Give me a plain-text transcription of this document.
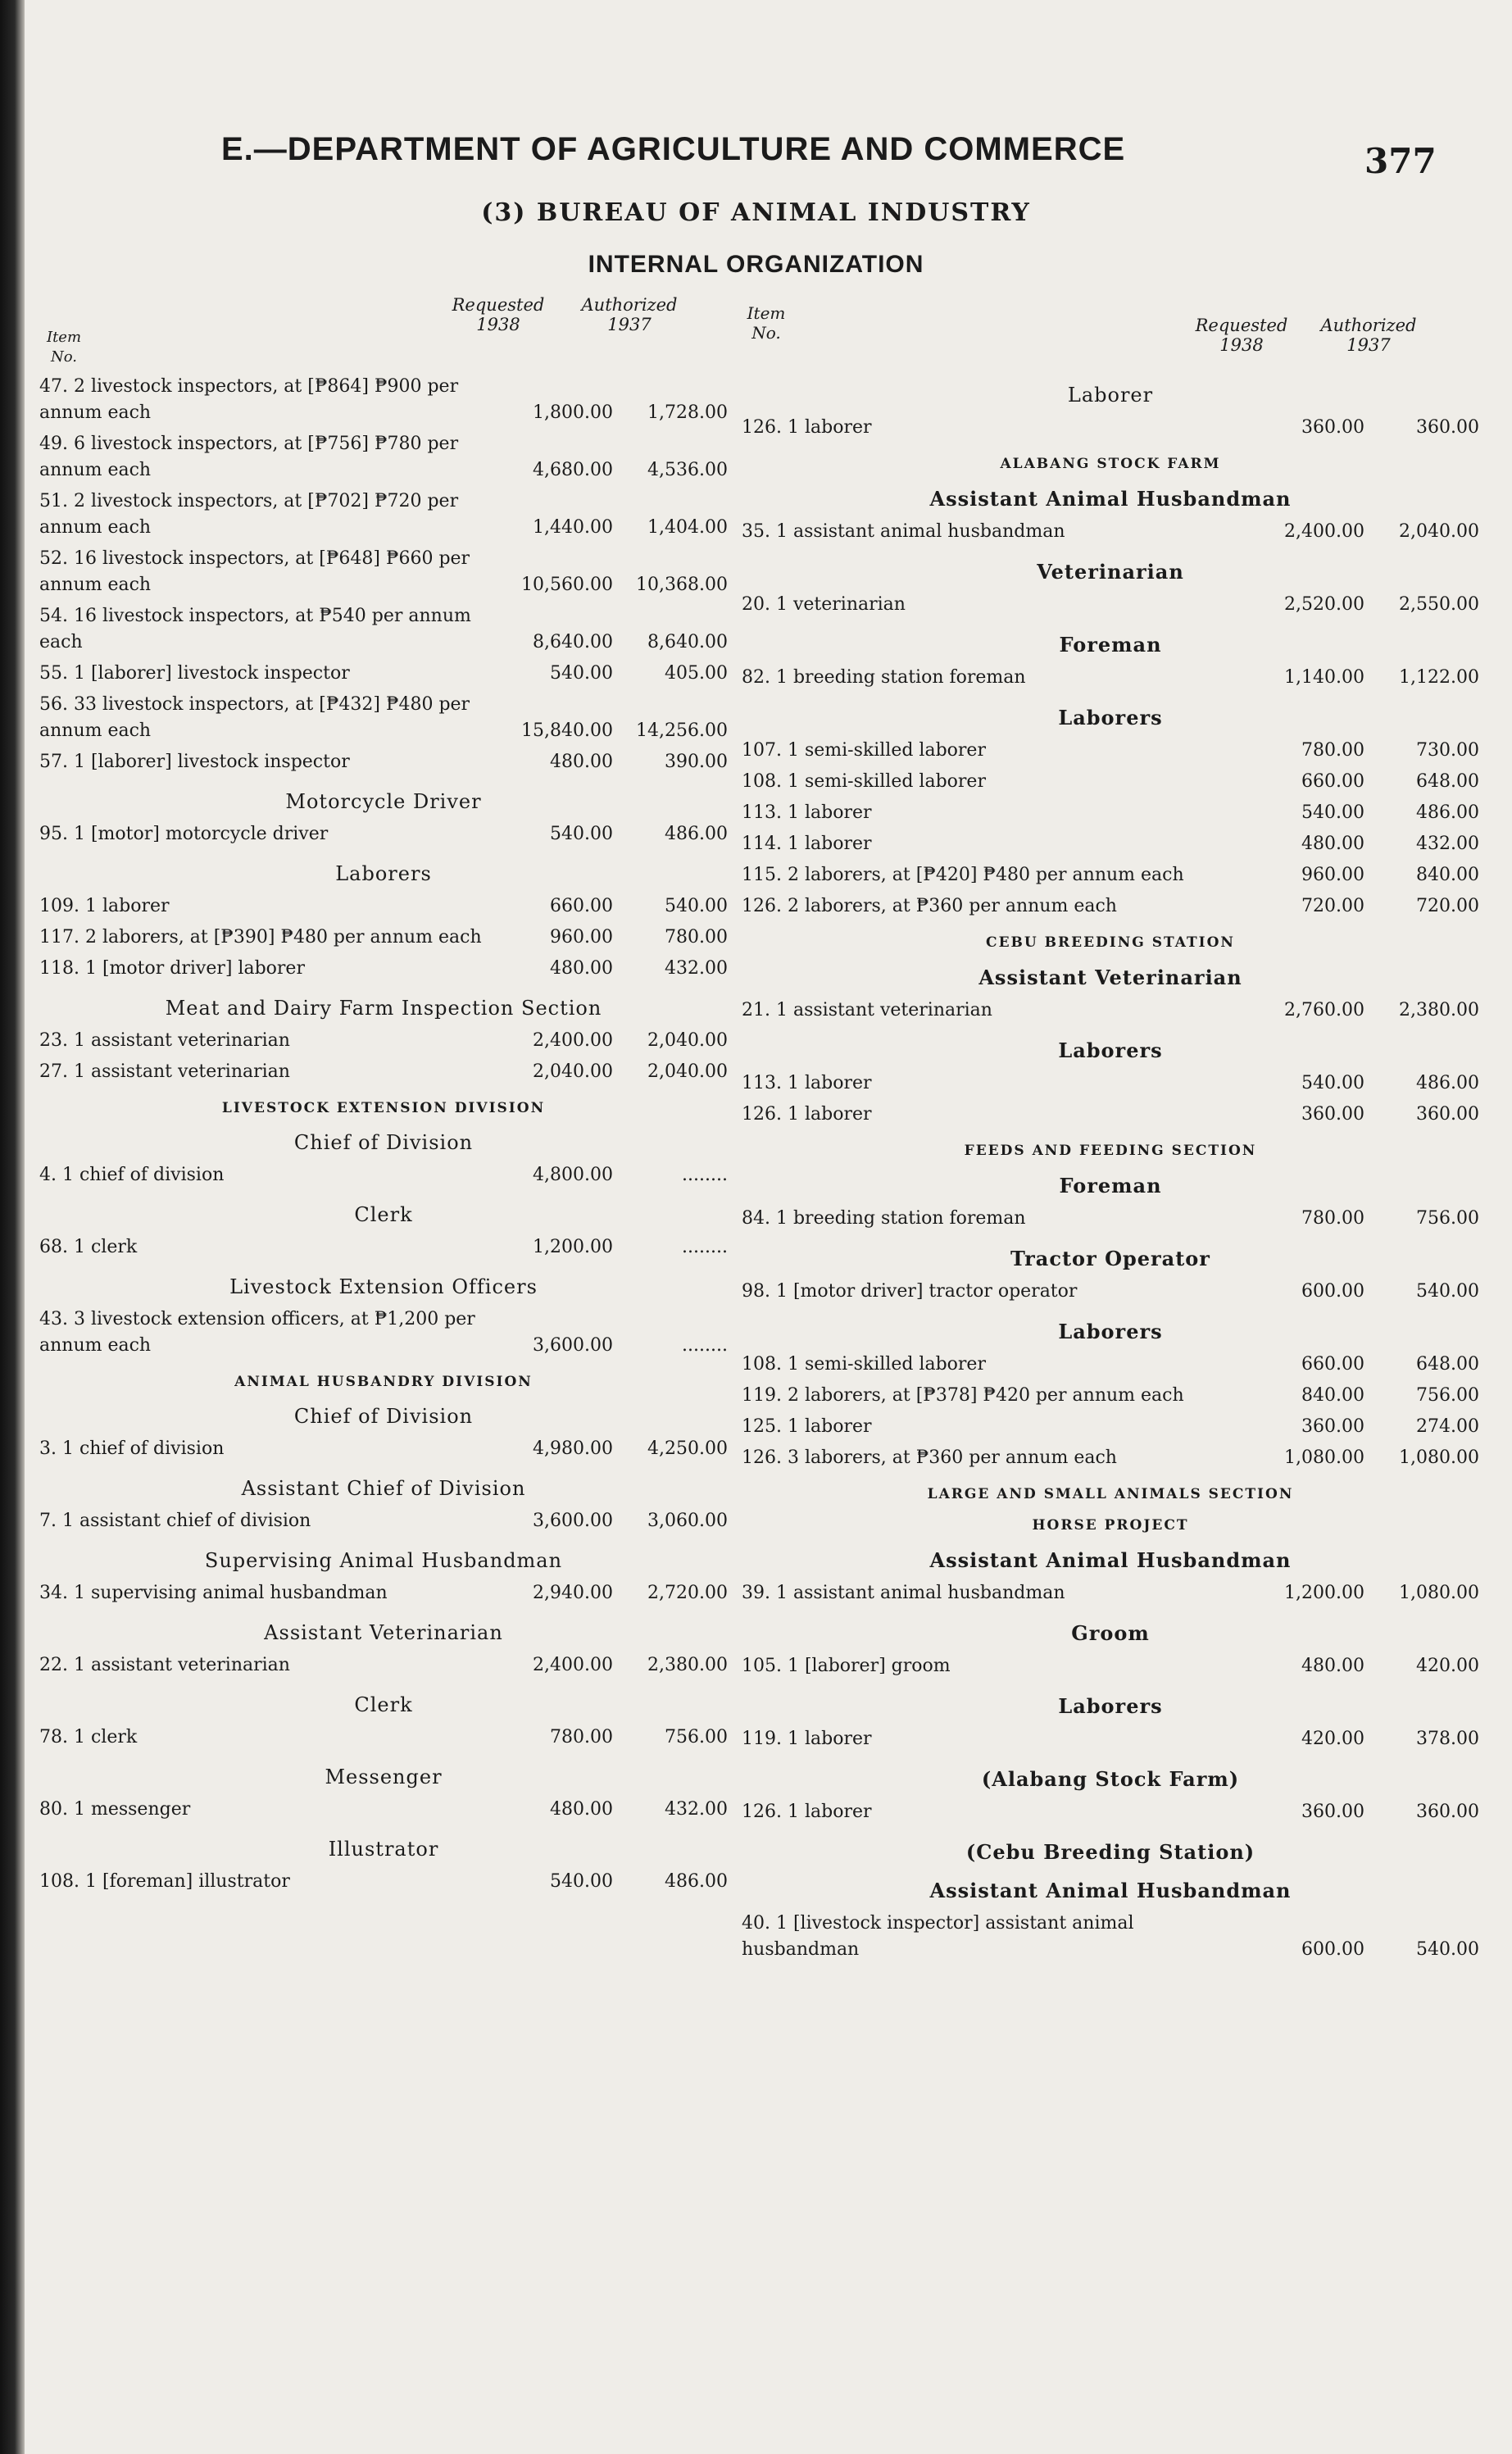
E.—DEPARTMENT OF AGRICULTURE AND COMMERCE	377
(3) BUREAU OF ANIMAL INDUSTRY
INTERNAL ORGANIZATION
Item No.
Requested 1938
Authorized 1937
47. 2 livestock inspectors, at [₱864] ₱900 per annum each	1,800.00	1,728.00
49. 6 livestock inspectors, at [₱756] ₱780 per annum each	4,680.00	4,536.00
51. 2 livestock inspectors, at [₱702] ₱720 per annum each	1,440.00	1,404.00
52. 16 livestock inspectors, at [₱648] ₱660 per annum each	10,560.00	10,368.00
54. 16 livestock inspectors, at ₱540 per annum each	8,640.00	8,640.00
55. 1 [laborer] livestock inspector	540.00	405.00
56. 33 livestock inspectors, at [₱432] ₱480 per annum each	15,840.00	14,256.00
57. 1 [laborer] livestock inspector	480.00	390.00
Motorcycle Driver
95. 1 [motor] motorcycle driver	540.00	486.00
Laborers
109. 1 laborer	660.00	540.00
117. 2 laborers, at [₱390] ₱480 per annum each	960.00	780.00
118. 1 [motor driver] laborer	480.00	432.00
Meat and Dairy Farm Inspection Section
23. 1 assistant veterinarian	2,400.00	2,040.00
27. 1 assistant veterinarian	2,040.00	2,040.00
LIVESTOCK EXTENSION DIVISION
Chief of Division
4. 1 chief of division	4,800.00	........
Clerk
68. 1 clerk	1,200.00	........
Livestock Extension Officers
43. 3 livestock extension officers, at ₱1,200 per annum each	3,600.00	........
ANIMAL HUSBANDRY DIVISION
Chief of Division
3. 1 chief of division	4,980.00	4,250.00
Assistant Chief of Division
7. 1 assistant chief of division	3,600.00	3,060.00
Supervising Animal Husbandman
34. 1 supervising animal husbandman	2,940.00	2,720.00
Assistant Veterinarian
22. 1 assistant veterinarian	2,400.00	2,380.00
Clerk
78. 1 clerk	780.00	756.00
Messenger
80. 1 messenger	480.00	432.00
Illustrator
108. 1 [foreman] illustrator	540.00	486.00
Item No.	Requested 1938
Authorized 1937
Laborer
126. 1 laborer	360.00	360.00
ALABANG STOCK FARM
Assistant Animal Husbandman
35. 1 assistant animal husbandman	2,400.00	2,040.00
Veterinarian
20. 1 veterinarian	2,520.00	2,550.00
Foreman
82. 1 breeding station foreman	1,140.00	1,122.00
Laborers
107. 1 semi-skilled laborer	780.00	730.00
108. 1 semi-skilled laborer	660.00	648.00
113. 1 laborer	540.00	486.00
114. 1 laborer	480.00	432.00
115. 2 laborers, at [₱420] ₱480 per annum each	960.00	840.00
126. 2 laborers, at ₱360 per annum each	720.00	720.00
CEBU BREEDING STATION
Assistant Veterinarian
21. 1 assistant veterinarian	2,760.00	2,380.00
Laborers
113. 1 laborer	540.00	486.00
126. 1 laborer	360.00	360.00
FEEDS AND FEEDING SECTION
Foreman
84. 1 breeding station foreman	780.00	756.00
Tractor Operator
98. 1 [motor driver] tractor operator	600.00	540.00
Laborers
108. 1 semi-skilled laborer	660.00	648.00
119. 2 laborers, at [₱378] ₱420 per annum each	840.00	756.00
125. 1 laborer	360.00	274.00
126. 3 laborers, at ₱360 per annum each	1,080.00	1,080.00
LARGE AND SMALL ANIMALS SECTION
HORSE PROJECT
Assistant Animal Husbandman
39. 1 assistant animal husbandman	1,200.00	1,080.00
Groom
105. 1 [laborer] groom	480.00	420.00
Laborers
119. 1 laborer	420.00	378.00
(Alabang Stock Farm)
126. 1 laborer	360.00	360.00
(Cebu Breeding Station)
Assistant Animal Husbandman
40. 1 [livestock inspector] assistant animal husbandman	600.00	540.00
